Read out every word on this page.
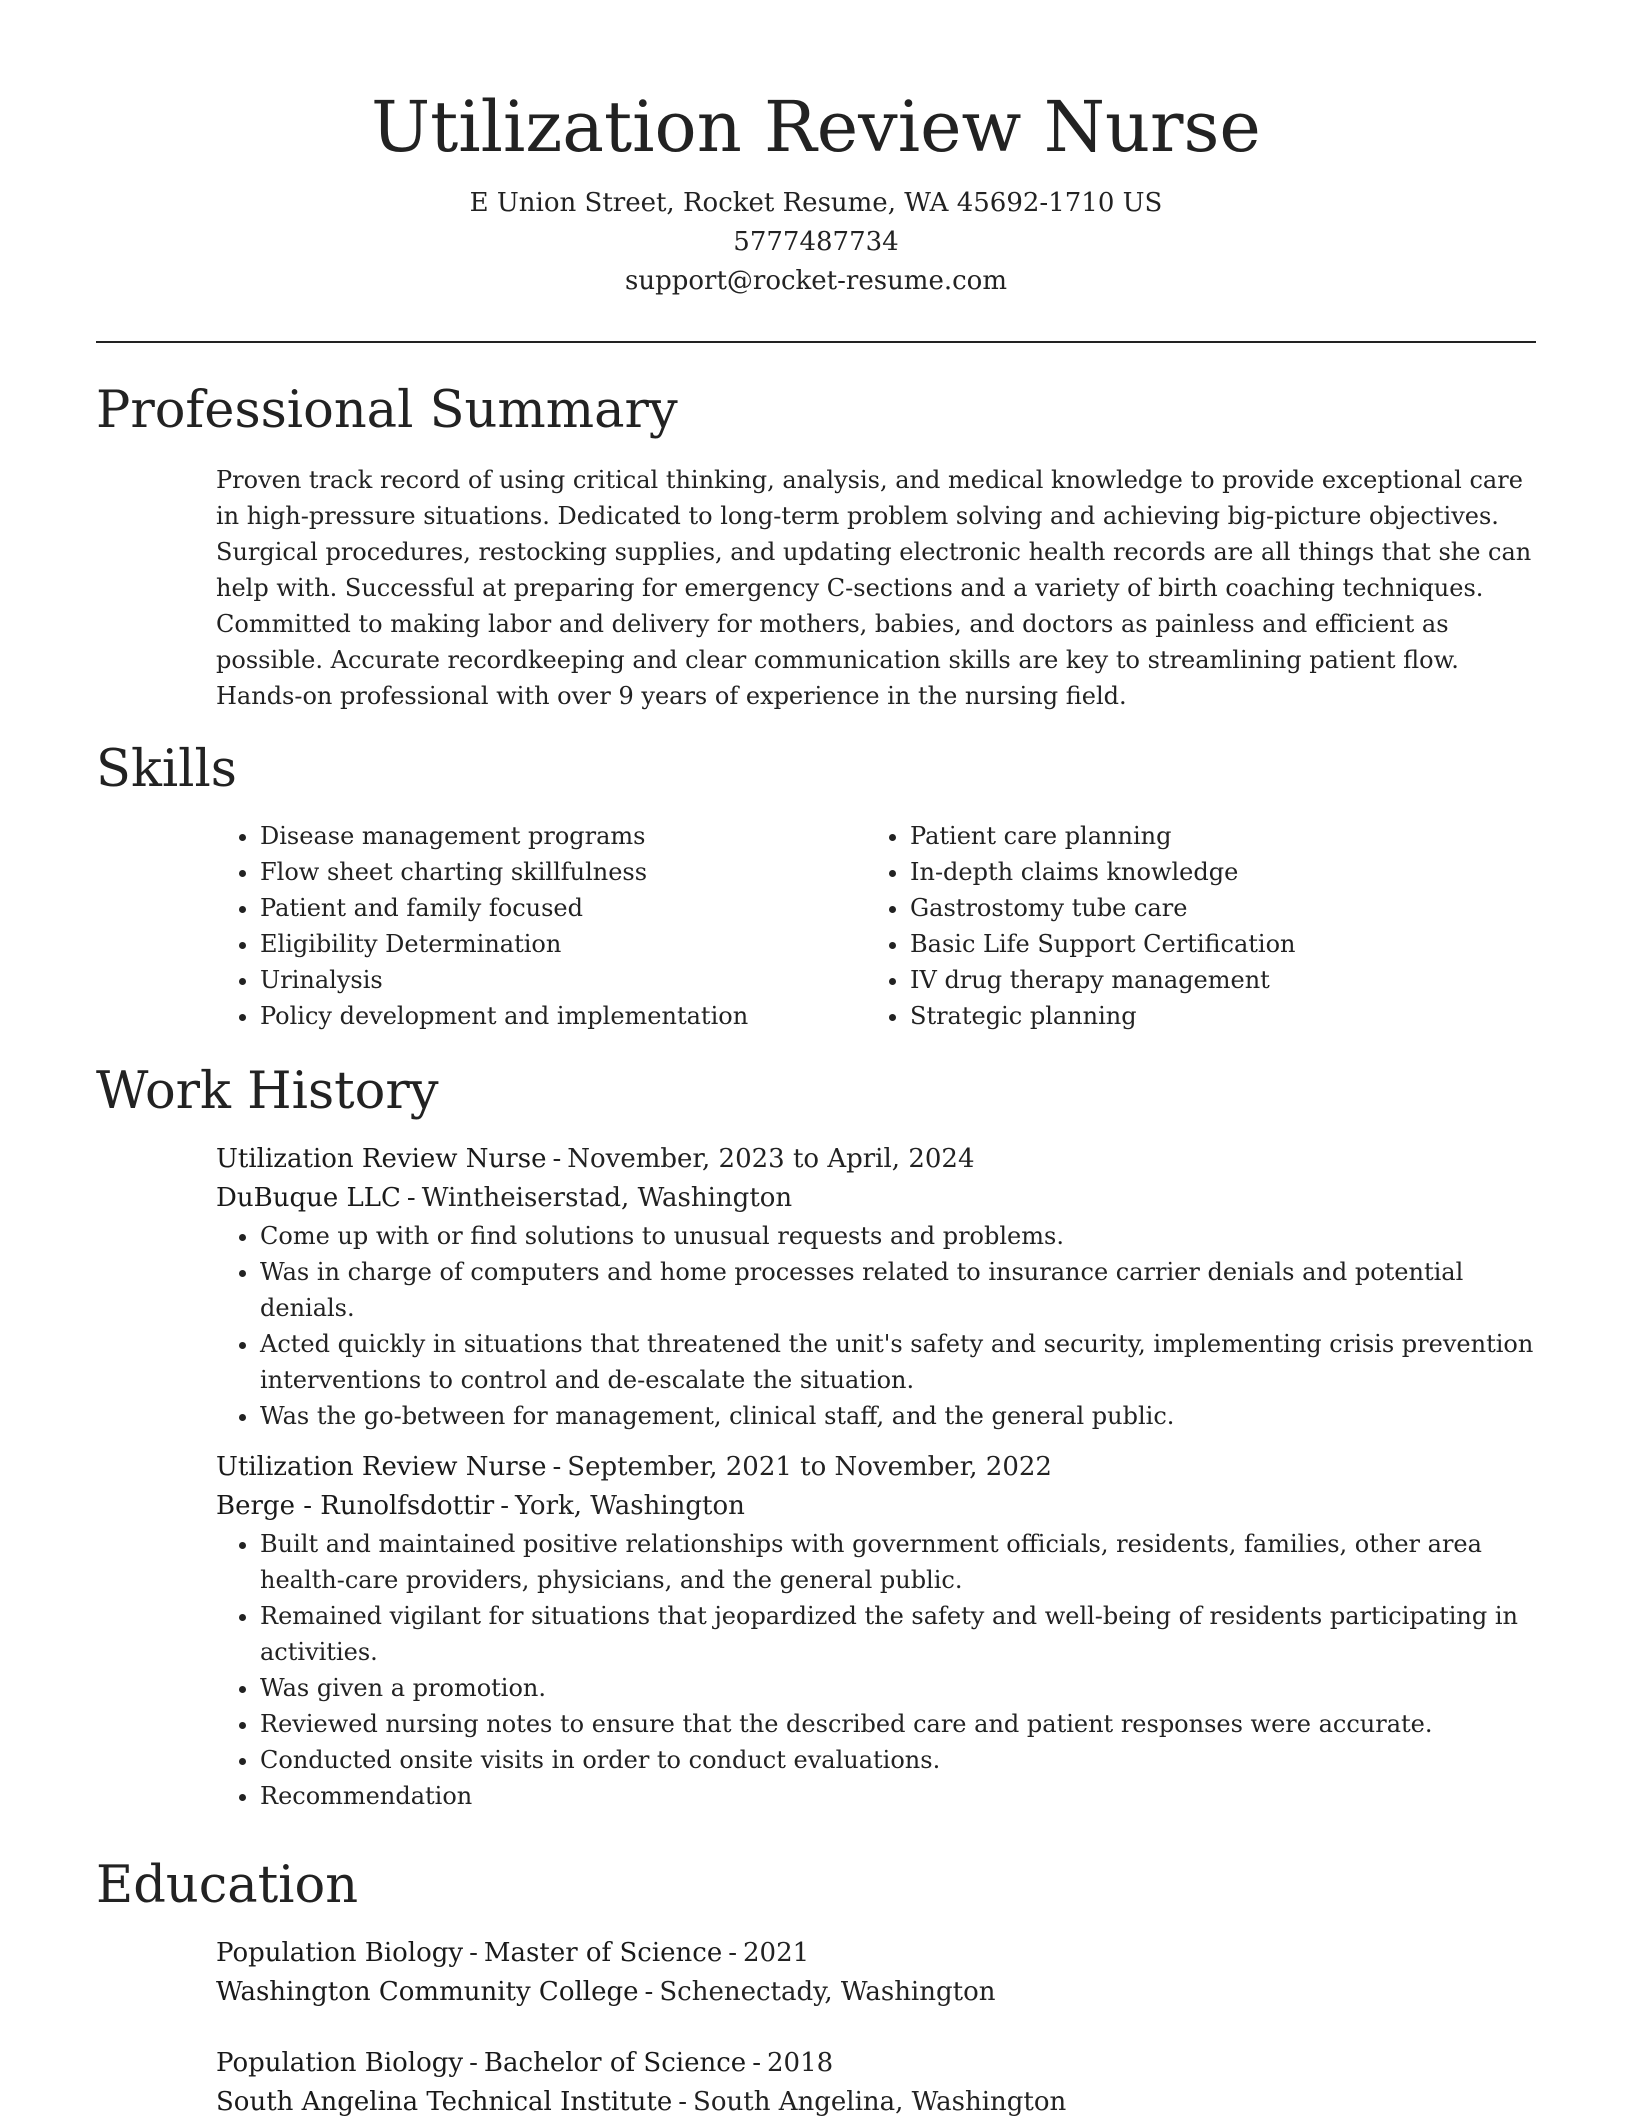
Utilization Review Nurse
E Union Street, Rocket Resume, WA 45692-1710 US
5777487734
support@rocket-resume.com
Professional Summary

Proven track record of using critical thinking, analysis, and medical knowledge to provide exceptional care in high-pressure situations. Dedicated to long-term problem solving and achieving big-picture objectives. Surgical procedures, restocking supplies, and updating electronic health records are all things that she can help with. Successful at preparing for emergency C-sections and a variety of birth coaching techniques. Committed to making labor and delivery for mothers, babies, and doctors as painless and efficient as possible. Accurate recordkeeping and clear communication skills are key to streamlining patient flow. Hands-on professional with over 9 years of experience in the nursing field.

Skills
• Disease management programs
• Flow sheet charting skillfulness
• Patient and family focused
• Eligibility Determination
• Urinalysis
• Policy development and implementation
• Patient care planning
• In-depth claims knowledge
• Gastrostomy tube care
• Basic Life Support Certification
• IV drug therapy management
• Strategic planning
Work History

Utilization Review Nurse - November, 2023 to April, 2024

DuBuque LLC - Wintheiserstad, Washington

• Come up with or find solutions to unusual requests and problems.
• Was in charge of computers and home processes related to insurance carrier denials and potential denials.
• Acted quickly in situations that threatened the unit's safety and security, implementing crisis prevention interventions to control and de-escalate the situation.
• Was the go-between for management, clinical staff, and the general public.

Utilization Review Nurse - September, 2021 to November, 2022

Berge - Runolfsdottir - York, Washington

• Built and maintained positive relationships with government officials, residents, families, other area health-care providers, physicians, and the general public.
• Remained vigilant for situations that jeopardized the safety and well-being of residents participating in activities.
• Was given a promotion.
• Reviewed nursing notes to ensure that the described care and patient responses were accurate.
• Conducted onsite visits in order to conduct evaluations.
• Recommendation
Education

Population Biology - Master of Science - 2021

Washington Community College - Schenectady, Washington

Population Biology - Bachelor of Science - 2018

South Angelina Technical Institute - South Angelina, Washington
